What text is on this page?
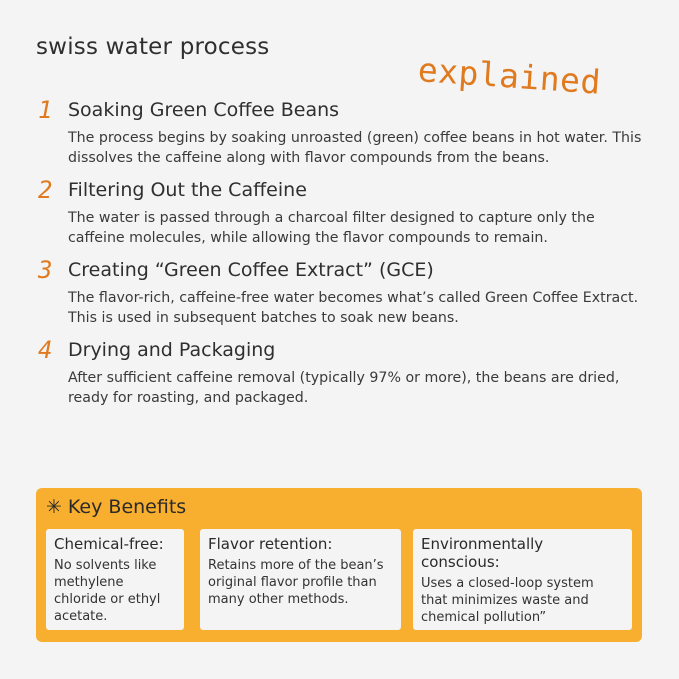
swiss water process
explained
1 Soaking Green Coffee Beans

The process begins by soaking unroasted (green) coffee beans in hot water. This dissolves the caffeine along with flavor compounds from the beans.

2 Filtering Out the Caffeine

The water is passed through a charcoal filter designed to capture only the caffeine molecules, while allowing the flavor compounds to remain.

3 Creating “Green Coffee Extract” (GCE)

The flavor-rich, caffeine-free water becomes what’s called Green Coffee Extract. This is used in subsequent batches to soak new beans.

4 Drying and Packaging

After sufficient caffeine removal (typically 97% or more), the beans are dried, ready for roasting, and packaged.

✳ Key Benefits
Chemical-free:
No solvents like methylene chloride or ethyl acetate.
Flavor retention:
Retains more of the bean’s original flavor profile than many other methods.
Environmentally conscious:
Uses a closed-loop system that minimizes waste and chemical pollution”
